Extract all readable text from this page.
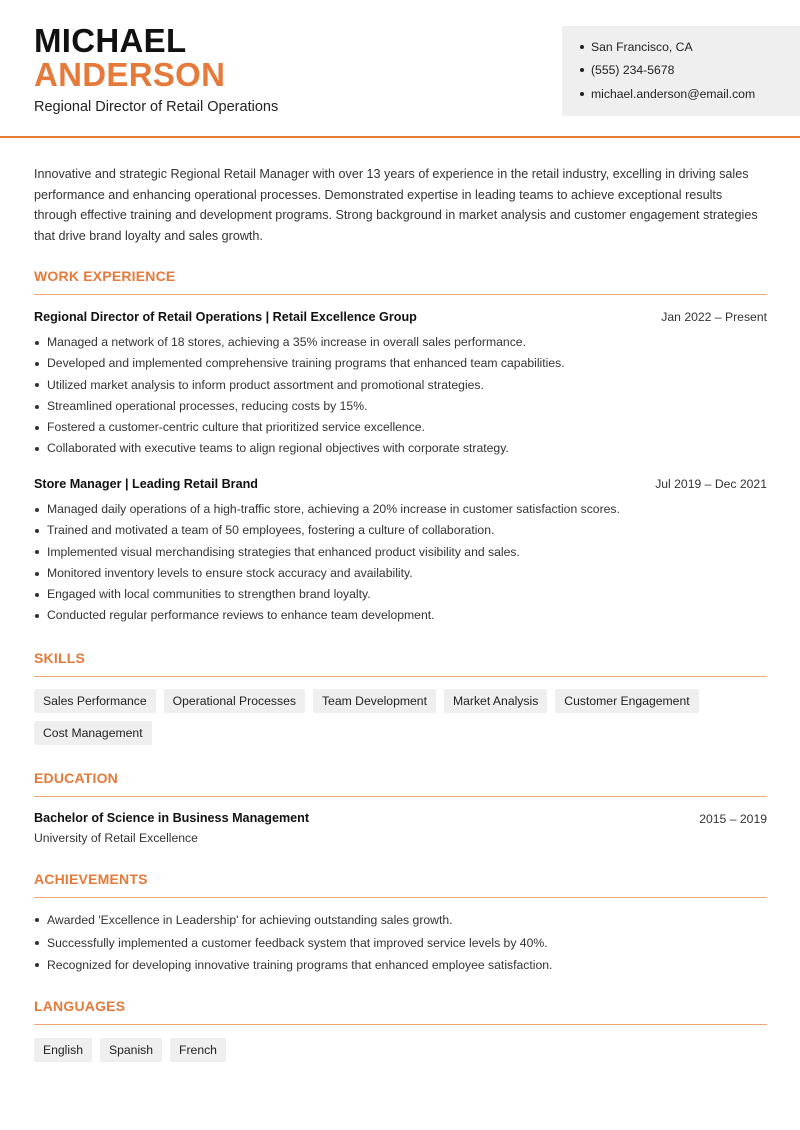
MICHAEL
ANDERSON
Regional Director of Retail Operations
San Francisco, CA
(555) 234-5678
michael.anderson@email.com
Innovative and strategic Regional Retail Manager with over 13 years of experience in the retail industry, excelling in driving sales performance and enhancing operational processes. Demonstrated expertise in leading teams to achieve exceptional results through effective training and development programs. Strong background in market analysis and customer engagement strategies that drive brand loyalty and sales growth.
WORK EXPERIENCE
Regional Director of Retail Operations | Retail Excellence Group	Jan 2022 – Present
Managed a network of 18 stores, achieving a 35% increase in overall sales performance.
Developed and implemented comprehensive training programs that enhanced team capabilities.
Utilized market analysis to inform product assortment and promotional strategies.
Streamlined operational processes, reducing costs by 15%.
Fostered a customer-centric culture that prioritized service excellence.
Collaborated with executive teams to align regional objectives with corporate strategy.
Store Manager | Leading Retail Brand	Jul 2019 – Dec 2021
Managed daily operations of a high-traffic store, achieving a 20% increase in customer satisfaction scores.
Trained and motivated a team of 50 employees, fostering a culture of collaboration.
Implemented visual merchandising strategies that enhanced product visibility and sales.
Monitored inventory levels to ensure stock accuracy and availability.
Engaged with local communities to strengthen brand loyalty.
Conducted regular performance reviews to enhance team development.
SKILLS
Sales Performance	Operational Processes	Team Development	Market Analysis	Customer Engagement
Cost Management
EDUCATION
Bachelor of Science in Business Management	2015 – 2019
University of Retail Excellence
ACHIEVEMENTS
Awarded 'Excellence in Leadership' for achieving outstanding sales growth.
Successfully implemented a customer feedback system that improved service levels by 40%.
Recognized for developing innovative training programs that enhanced employee satisfaction.
LANGUAGES
English	Spanish	French
